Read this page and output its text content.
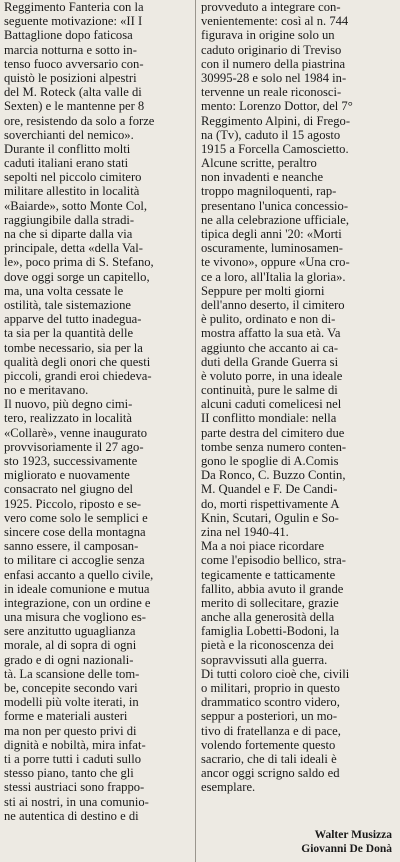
Reggimento Fanteria con la
seguente motivazione: «II I
Battaglione dopo faticosa
marcia notturna e sotto in-
tenso fuoco avversario con-
quistò le posizioni alpestri
del M. Roteck (alta valle di
Sexten) e le mantenne per 8
ore, resistendo da solo a forze
soverchianti del nemico».
Durante il conflitto molti
caduti italiani erano stati
sepolti nel piccolo cimitero
militare allestito in località
«Baiarde», sotto Monte Col,
raggiungibile dalla stradi-
na che si diparte dalla via
principale, detta «della Val-
le», poco prima di S. Stefano,
dove oggi sorge un capitello,
ma, una volta cessate le
ostilità, tale sistemazione
apparve del tutto inadegua-
ta sia per la quantità delle
tombe necessario, sia per la
qualità degli onori che questi
piccoli, grandi eroi chiedeva-
no e meritavano.
Il nuovo, più degno cimi-
tero, realizzato in località
«Collarè», venne inaugurato
provvisoriamente il 27 ago-
sto 1923, successivamente
migliorato e nuovamente
consacrato nel giugno del
1925. Piccolo, riposto e se-
vero come solo le semplici e
sincere cose della montagna
sanno essere, il camposan-
to militare ci accoglie senza
enfasi accanto a quello civile,
in ideale comunione e mutua
integrazione, con un ordine e
una misura che vogliono es-
sere anzitutto uguaglianza
morale, al di sopra di ogni
grado e di ogni nazionali-
tà. La scansione delle tom-
be, concepite secondo vari
modelli più volte iterati, in
forme e materiali austeri
ma non per questo privi di
dignità e nobiltà, mira infat-
ti a porre tutti i caduti sullo
stesso piano, tanto che gli
stessi austriaci sono frappo-
sti ai nostri, in una comunio-
ne autentica di destino e di
provveduto a integrare con-
venientemente: così al n. 744
figurava in origine solo un
caduto originario di Treviso
con il numero della piastrina
30995-28 e solo nel 1984 in-
tervenne un reale riconosci-
mento: Lorenzo Dottor, del 7°
Reggimento Alpini, di Frego-
na (Tv), caduto il 15 agosto
1915 a Forcella Camoscietto.
Alcune scritte, peraltro
non invadenti e neanche
troppo magniloquenti, rap-
presentano l'unica concessio-
ne alla celebrazione ufficiale,
tipica degli anni '20: «Morti
oscuramente, luminosamen-
te vivono», oppure «Una cro-
ce a loro, all'Italia la gloria».
Seppure per molti giorni
dell'anno deserto, il cimitero
è pulito, ordinato e non di-
mostra affatto la sua età. Va
aggiunto che accanto ai ca-
duti della Grande Guerra si
è voluto porre, in una ideale
continuità, pure le salme di
alcuni caduti comelicesi nel
II conflitto mondiale: nella
parte destra del cimitero due
tombe senza numero conten-
gono le spoglie di A.Comis
Da Ronco, C. Buzzo Contin,
M. Quandel e F. De Candi-
do, morti rispettivamente A
Knin, Scutari, Ogulin e So-
zina nel 1940-41.
Ma a noi piace ricordare
come l'episodio bellico, stra-
tegicamente e tatticamente
fallito, abbia avuto il grande
merito di sollecitare, grazie
anche alla generosità della
famiglia Lobetti-Bodoni, la
pietà e la riconoscenza dei
sopravvissuti alla guerra.
Di tutti coloro cioè che, civili
o militari, proprio in questo
drammatico scontro videro,
seppur a posteriori, un mo-
tivo di fratellanza e di pace,
volendo fortemente questo
sacrario, che di tali ideali è
ancor oggi scrigno saldo ed
esemplare.
Walter Musizza
Giovanni De Donà
